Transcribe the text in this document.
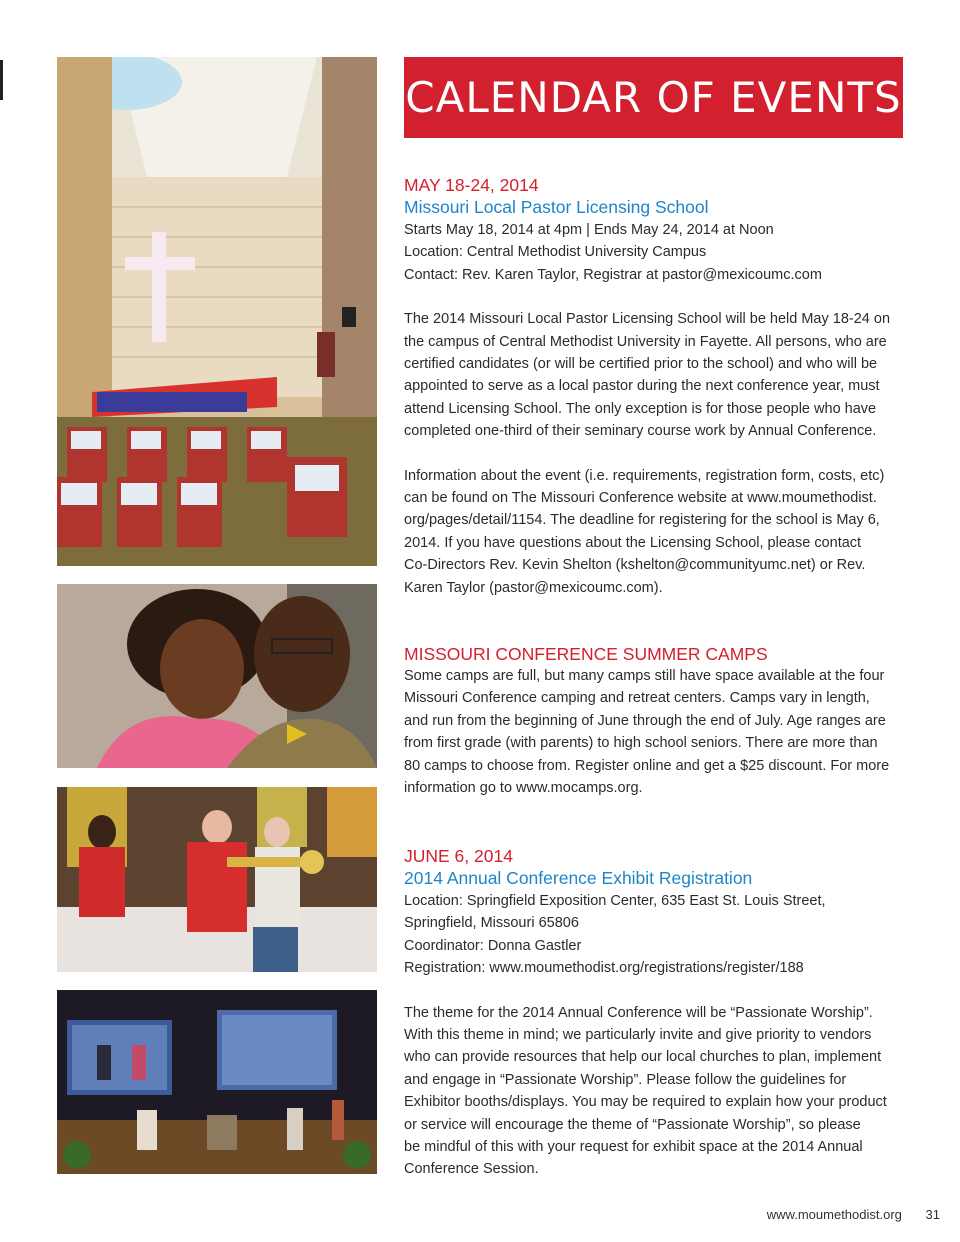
CALENDAR OF EVENTS

MAY 18-24, 2014

Missouri Local Pastor Licensing School

Starts May 18, 2014 at 4pm | Ends May 24, 2014 at Noon

Location: Central Methodist University Campus

Contact: Rev. Karen Taylor, Registrar at pastor@mexicoumc.com

The 2014 Missouri Local Pastor Licensing School will be held May 18-24 on

the campus of Central Methodist University in Fayette. All persons, who are

certified candidates (or will be certified prior to the school) and who will be

appointed to serve as a local pastor during the next conference year, must

attend Licensing School. The only exception is for those people who have

completed one-third of their seminary course work by Annual Conference.

Information about the event (i.e. requirements, registration form, costs, etc)

can be found on The Missouri Conference website at www.moumethodist.

org/pages/detail/1154. The deadline for registering for the school is May 6,

2014. If you have questions about the Licensing School, please contact

Co-Directors Rev. Kevin Shelton (kshelton@communityumc.net) or Rev.

Karen Taylor (pastor@mexicoumc.com).

MISSOURI CONFERENCE SUMMER CAMPS

Some camps are full, but many camps still have space available at the four

Missouri Conference camping and retreat centers. Camps vary in length,

and run from the beginning of June through the end of July. Age ranges are

from first grade (with parents) to high school seniors. There are more than

80 camps to choose from. Register online and get a $25 discount. For more

information go to www.mocamps.org.

JUNE 6, 2014

2014 Annual Conference Exhibit Registration

Location: Springfield Exposition Center, 635 East St. Louis Street,

Springfield, Missouri 65806

Coordinator: Donna Gastler

Registration: www.moumethodist.org/registrations/register/188

The theme for the 2014 Annual Conference will be “Passionate Worship”.

With this theme in mind; we particularly invite and give priority to vendors

who can provide resources that help our local churches to plan, implement

and engage in “Passionate Worship”. Please follow the guidelines for

Exhibitor booths/displays. You may be required to explain how your product

or service will encourage the theme of “Passionate Worship”, so please

be mindful of this with your request for exhibit space at the 2014 Annual

Conference Session.

www.moumethodist.org 31
